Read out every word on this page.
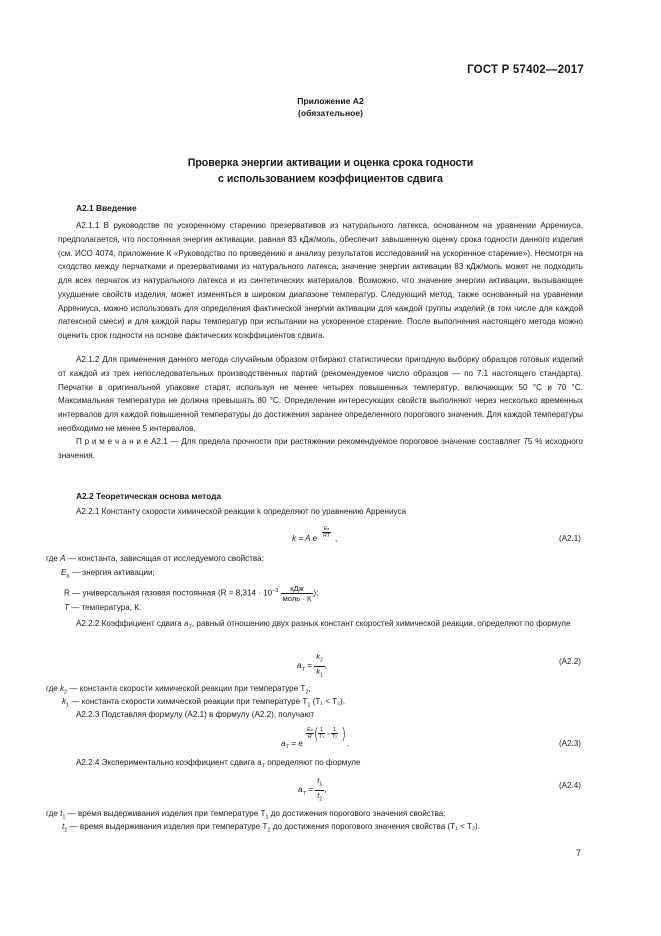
ГОСТ Р 57402—2017
Приложение А2
(обязательное)
Проверка энергии активации и оценка срока годности
с использованием коэффициентов сдвига
А2.1 Введение

А2.1.1 В руководстве по ускоренному старению презервативов из натурального латекса, основанном на уравнении Аррениуса, предполагается, что постоянная энергия активации, равная 83 кДж/моль, обеспечит завышенную оценку срока годности данного изделия (см. ИСО 4074, приложение К «Руководство по проведению и анализу результатов исследований на ускоренное старение»). Несмотря на сходство между перчатками и презервативами из натурального латекса, значение энергии активации 83 кДж/моль может не подходить для всех перчаток из натурального латекса и из синтетических материалов. Возможно, что значение энергии активации, вызывающее ухудшение свойств изделия, может изменяться в широком диапазоне температур. Следующий метод, также основанный на уравнении Аррениуса, можно использовать для определения фактической энергии активации для каждой группы изделий (в том числе для каждой латексной смеси) и для каждой пары температур при испытании на ускоренное старение. После выполнения настоящего метода можно оценить срок годности на основе фактических коэффициентов сдвига.

А2.1.2 Для применения данного метода случайным образом отбирают статистически пригодную выборку образцов готовых изделий от каждой из трех непоследовательных производственных партий (рекомендуемое число образцов — по 7.1 настоящего стандарта). Перчатки в оригинальной упаковке старят, используя не менее четырех повышенных температур, включающих 50 °С и 70 °С. Максимальная температура не должна превышать 80 °С. Определение интересующих свойств выполняют через несколько временных интервалов для каждой повышенной температуры до достижения заранее определенного порогового значения. Для каждой температуры необходимо не менее 5 интервалов.

П р и м е ч а н и е А2.1 — Для предела прочности при растяжении рекомендуемое пороговое значение составляет 75 % исходного значения.

А2.2 Теоретическая основа метода
А2.2.1 Константу скорости химической реакции k определяют по уравнению Аррениуса
k = A e
Ea
RT ,	(А2.1)
где A — константа, зависящая от исследуемого свойства;
$E_a$ — энергия активации;
R — универсальная газовая постоянная ($R = 8,314 \cdot 10^{-3} \frac{\text{кДж}}{\text{моль · К}}$ );
T — температура, К.

А2.2.2 Коэффициент сдвига $a_T$, равный отношению двух разных констант скоростей химической реакции, определяют по формуле

$a_T = \frac{k_2}{k_1}$ ,	(А2.2)
где $k_2$ — константа скорости химической реакции при температуре $T_2$;
$k_1$ — константа скорости химической реакции при температуре $T_1$ (T₁ < T₂).
А2.2.3 Подставляя формулу (А2.1) в формулу (А2.2), получают
$a_T = e$
Ea
R
1
T1
1
T2
.	(А2.3)
А2.2.4 Экспериментально коэффициент сдвига $a_T$ определяют по формуле
$a_T = \frac{t_1}{t_2}$ ,	(А2.4)
где $t_1$ — время выдерживания изделия при температуре $T_1$ до достижения порогового значения свойства;
$t_2$ — время выдерживания изделия при температуре $T_2$ до достижения порогового значения свойства (T₁ < T₂).
7
